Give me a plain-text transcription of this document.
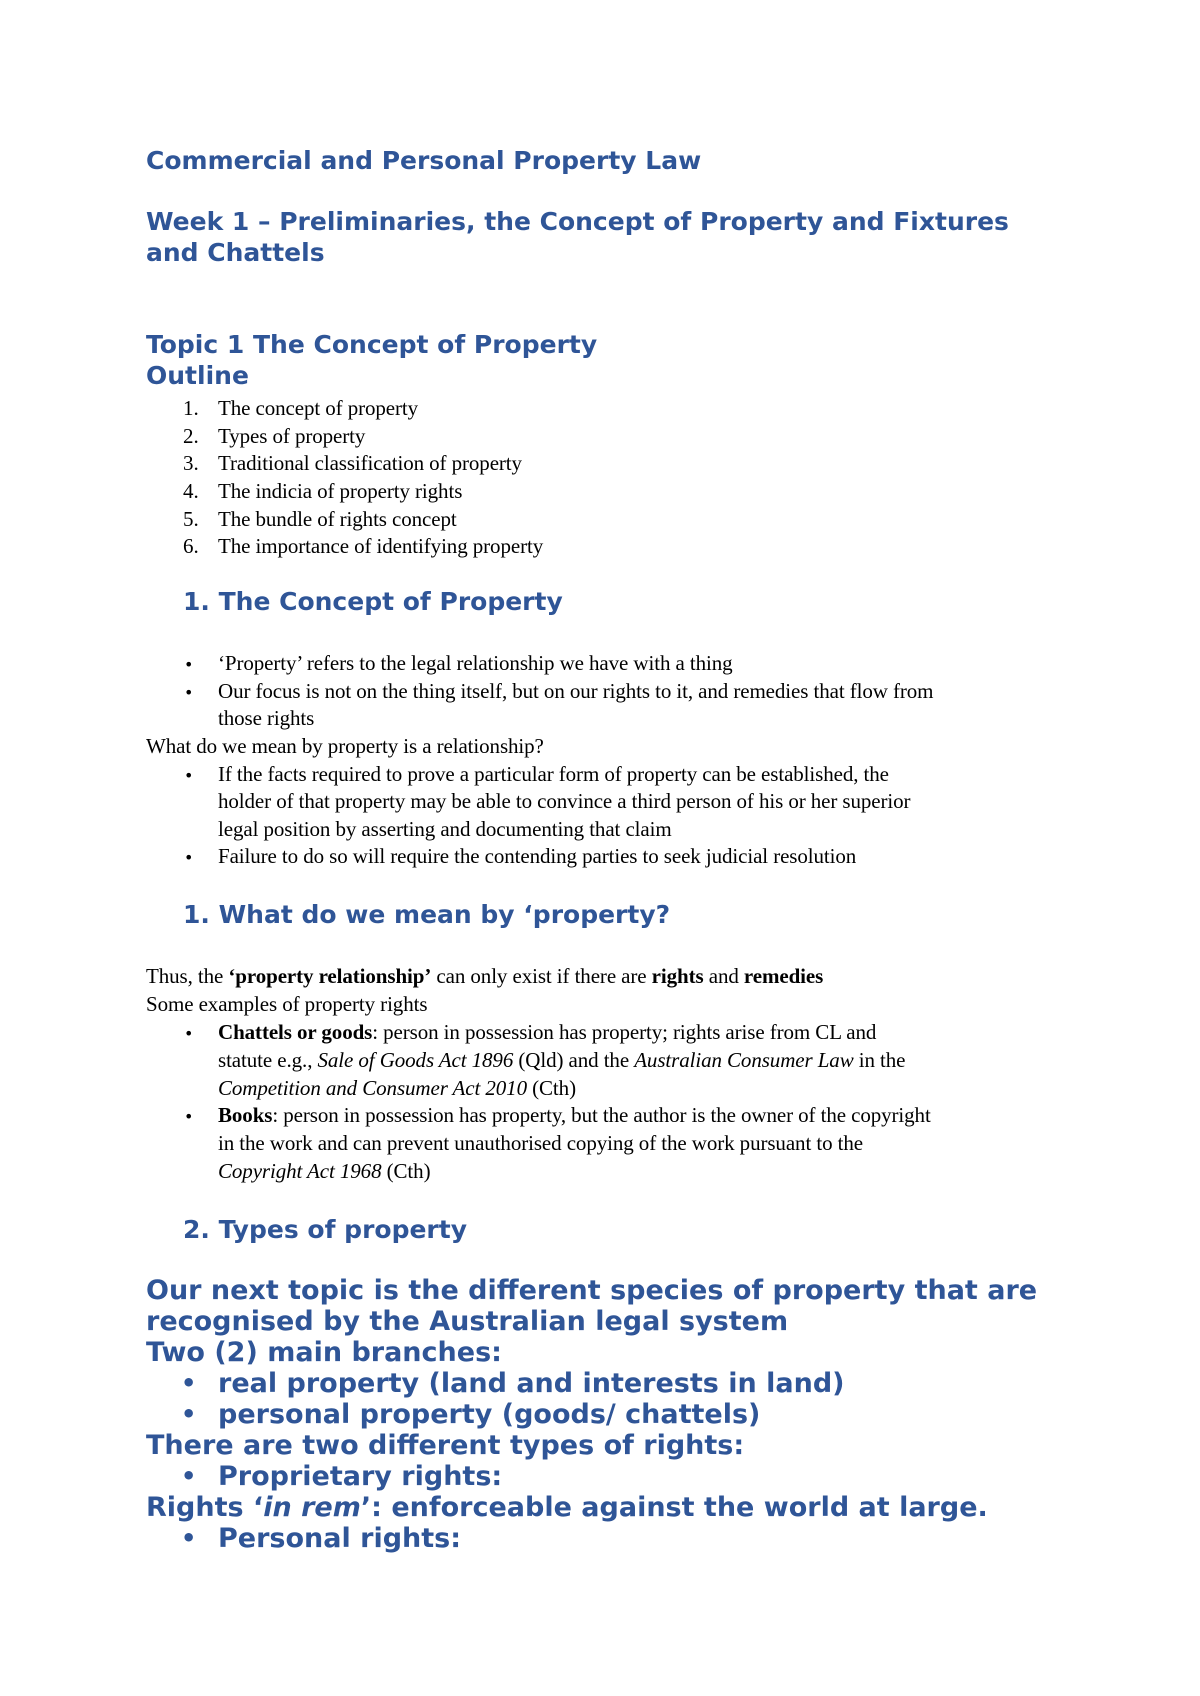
Commercial and Personal Property Law
Week 1 – Preliminaries, the Concept of Property and Fixtures
and Chattels
Topic 1 The Concept of Property
Outline
1. The concept of property
2. Types of property
3. Traditional classification of property
4. The indicia of property rights
5. The bundle of rights concept
6. The importance of identifying property
1. The Concept of Property
• ‘Property’ refers to the legal relationship we have with a thing
• Our focus is not on the thing itself, but on our rights to it, and remedies that flow from
those rights
What do we mean by property is a relationship?
• If the facts required to prove a particular form of property can be established, the
holder of that property may be able to convince a third person of his or her superior
legal position by asserting and documenting that claim
• Failure to do so will require the contending parties to seek judicial resolution
1. What do we mean by ‘property?
Thus, the ‘property relationship’ can only exist if there are rights and remedies
Some examples of property rights
• Chattels or goods: person in possession has property; rights arise from CL and
statute e.g., Sale of Goods Act 1896 (Qld) and the Australian Consumer Law in the
Competition and Consumer Act 2010 (Cth)
• Books: person in possession has property, but the author is the owner of the copyright
in the work and can prevent unauthorised copying of the work pursuant to the
Copyright Act 1968 (Cth)
2. Types of property
Our next topic is the different species of property that are
recognised by the Australian legal system
Two (2) main branches:
• real property (land and interests in land)
• personal property (goods/ chattels)
There are two different types of rights:
• Proprietary rights:
Rights ‘in rem’: enforceable against the world at large.
• Personal rights:
